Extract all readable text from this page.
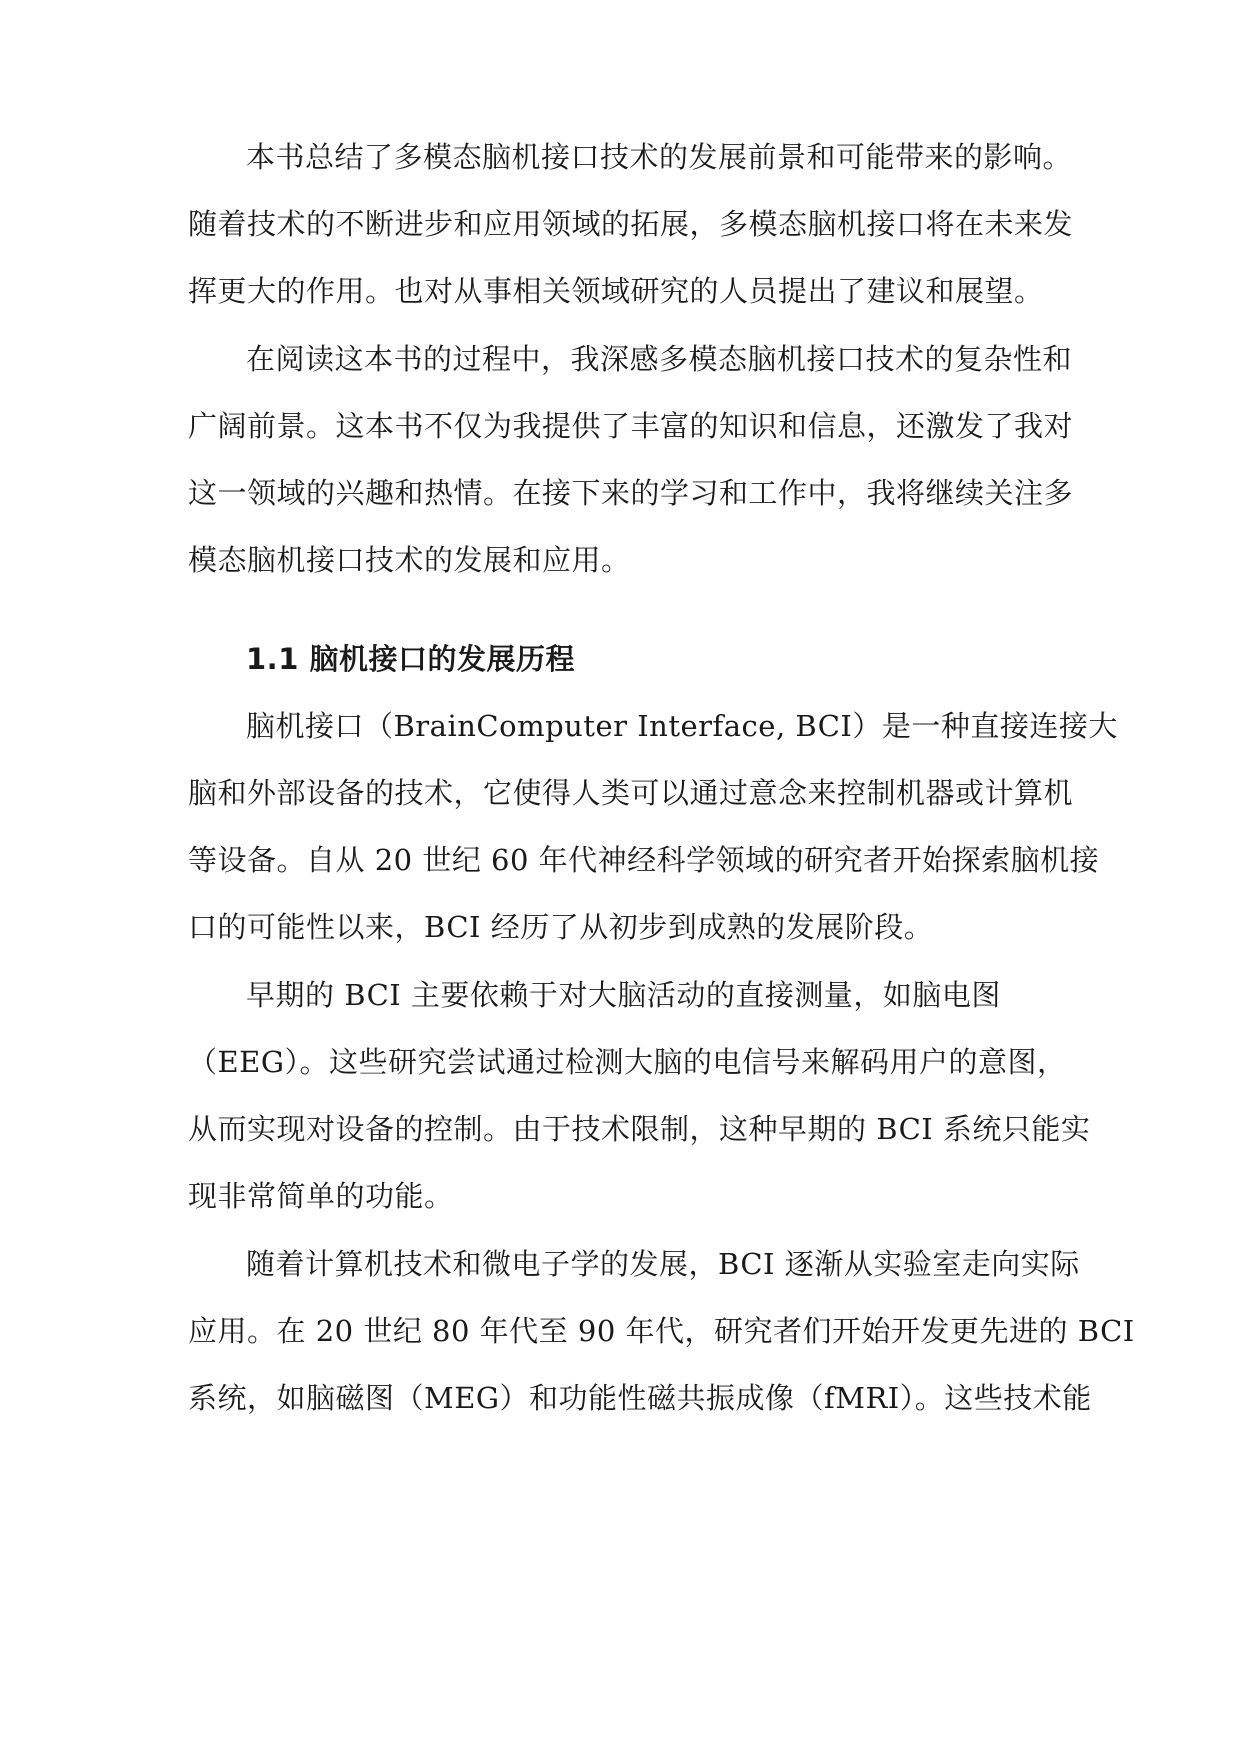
本书总结了多模态脑机接口技术的发展前景和可能带来的影响。
随着技术的不断进步和应用领域的拓展，多模态脑机接口将在未来发
挥更大的作用。也对从事相关领域研究的人员提出了建议和展望。
在阅读这本书的过程中，我深感多模态脑机接口技术的复杂性和
广阔前景。这本书不仅为我提供了丰富的知识和信息，还激发了我对
这一领域的兴趣和热情。在接下来的学习和工作中，我将继续关注多
模态脑机接口技术的发展和应用。
1.1 脑机接口的发展历程
脑机接口（BrainComputer Interface, BCI）是一种直接连接大
脑和外部设备的技术，它使得人类可以通过意念来控制机器或计算机
等设备。自从 20 世纪 60 年代神经科学领域的研究者开始探索脑机接
口的可能性以来，BCI 经历了从初步到成熟的发展阶段。
早期的 BCI 主要依赖于对大脑活动的直接测量，如脑电图
（EEG）。这些研究尝试通过检测大脑的电信号来解码用户的意图，
从而实现对设备的控制。由于技术限制，这种早期的 BCI 系统只能实
现非常简单的功能。
随着计算机技术和微电子学的发展，BCI 逐渐从实验室走向实际
应用。在 20 世纪 80 年代至 90 年代，研究者们开始开发更先进的 BCI
系统，如脑磁图（MEG）和功能性磁共振成像（fMRI）。这些技术能
